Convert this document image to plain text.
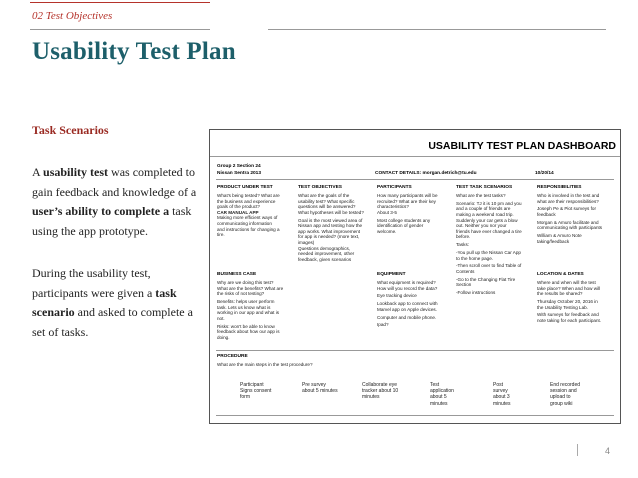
02 Test Objectives
Usability Test Plan
Task Scenarios
A usability test was completed to gain feedback and knowledge of a user’s ability to complete a task using the app prototype.
During the usability test, participants were given a task scenario and asked to complete a set of tasks.
USABILITY TEST PLAN DASHBOARD
Group 2 Section 24
Nissan Sentra 2013	CONTACT DETAILS: morgan.detrich@tu.edu	10/20/14
PRODUCT UNDER TEST
What's being tested? What are
the business and experience
goals of the product?
CAR MANUAL APP
Making more efficient ways of
communicating information
and instructions for changing a
tire.
TEST OBJECTIVES
What are the goals of the
usability test? What specific
questions will be answered?
What hypotheses will be tested?

Goal is the most viewed area of
Nissan app and testing how the
app works. What improvement
for app is needed? (more text,
images)
Questions demographics,
needed improvement, other
feedback, given scenarios
PARTICIPANTS
How many participants will be
recruited? What are their key
characteristics?
About 3-5

Most college students any
identification of gender
welcome.
TEST TASK SCENARIOS
What are the test tasks?

Scenario: TJ it is 10 pm and you
and a couple of friends are
making a weekend road trip.
Suddenly your car gets a blow
out. Neither you nor your
friends have ever changed a tire
before.

Tasks:

-You pull up the Nissan Car App
to the home page.

-Then scroll over to find Table of
Contents

-Go to the Changing Flat Tire
Section

-Follow instructions
RESPONSIBILITIES
Who is involved in the test and
what are their responsibilities?

Joseph Pe & Piot surveys for
feedback

Morgan & Amuro facilitate and
communicating with participants

William & Amuro Note
taking/feedback
BUSINESS CASE
Why are we doing this test?
What are the benefits? What are
the risks of not testing?

Benefits: helps user perform
task. Lets us know what is
working in our app and what is
not.

Risks: won't be able to know
feedback about how our app is
doing.
EQUIPMENT
What equipment is required?
How will you record the data?

Eye tracking device

Lookback app to connect with
Marvel app on Apple devices.

Computer and mobile phone.

Ipad?
LOCATION & DATES
Where and when will the test
take place? When and how will
the results be shared?

Thursday October 20, 2016 in
the Usability Testing Lab.

With surveys for feedback and
note taking for each participant.
PROCEDURE
What are the main steps in the test procedure?
Participant
Signs consent
form
Pre survey
about 5 minutes
Collaborate eye
tracker about 10
minutes
Test
application
about 5
minutes
Post
survey
about 3
minutes
End recorded
session and
upload to
group wiki
4
